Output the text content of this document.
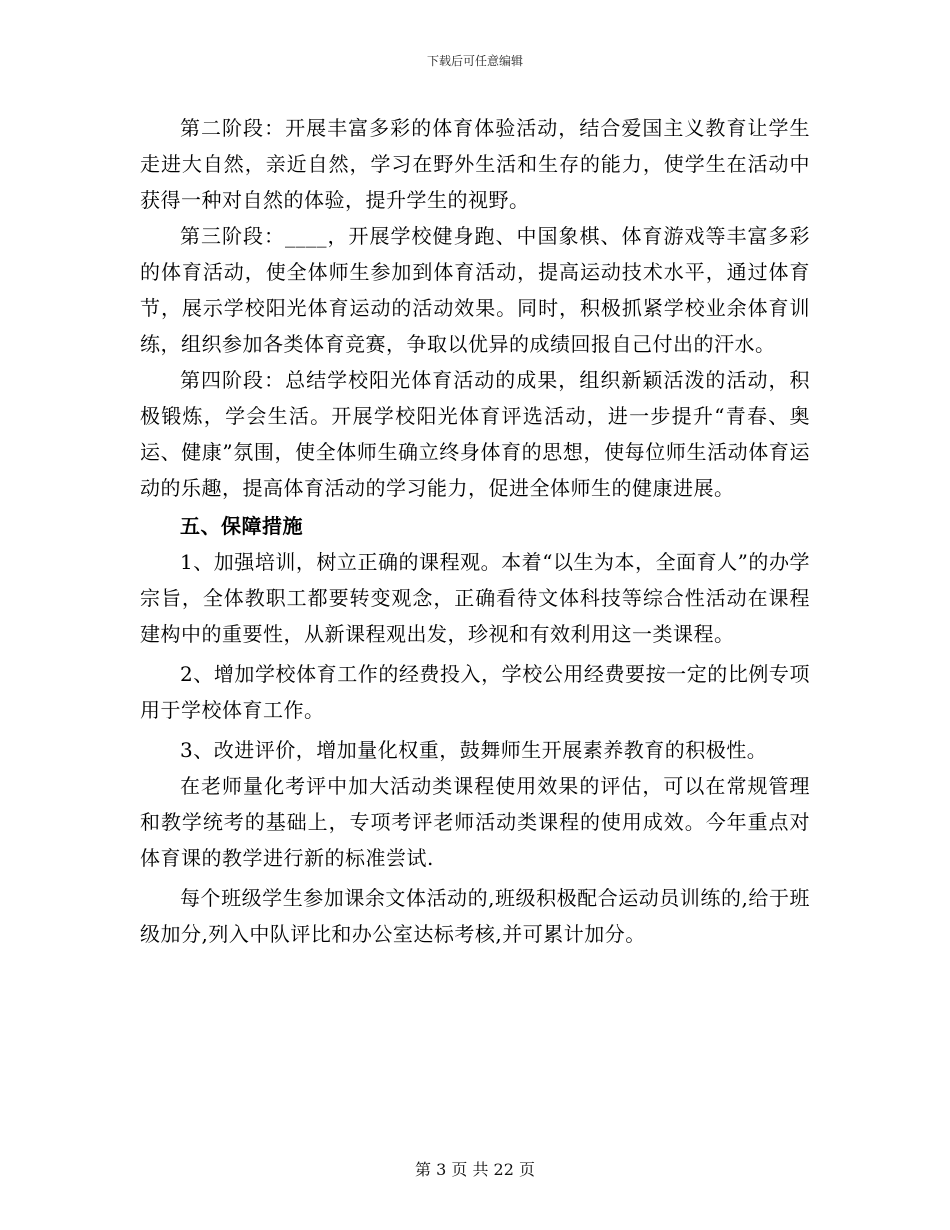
下载后可任意编辑

第二阶段：开展丰富多彩的体育体验活动，结合爱国主义教育让学生走进大自然，亲近自然，学习在野外生活和生存的能力，使学生在活动中获得一种对自然的体验，提升学生的视野。

第三阶段：____，开展学校健身跑、中国象棋、体育游戏等丰富多彩的体育活动，使全体师生参加到体育活动，提高运动技术水平，通过体育节，展示学校阳光体育运动的活动效果。同时，积极抓紧学校业余体育训练，组织参加各类体育竞赛，争取以优异的成绩回报自己付出的汗水。

第四阶段：总结学校阳光体育活动的成果，组织新颖活泼的活动，积极锻炼，学会生活。开展学校阳光体育评选活动，进一步提升“青春、奥运、健康”氛围，使全体师生确立终身体育的思想，使每位师生活动体育运动的乐趣，提高体育活动的学习能力，促进全体师生的健康进展。

五、保障措施

1、加强培训，树立正确的课程观。本着“以生为本，全面育人”的办学宗旨，全体教职工都要转变观念，正确看待文体科技等综合性活动在课程建构中的重要性，从新课程观出发，珍视和有效利用这一类课程。

2、增加学校体育工作的经费投入，学校公用经费要按一定的比例专项用于学校体育工作。

3、改进评价，增加量化权重，鼓舞师生开展素养教育的积极性。

在老师量化考评中加大活动类课程使用效果的评估，可以在常规管理和教学统考的基础上，专项考评老师活动类课程的使用成效。今年重点对体育课的教学进行新的标准尝试.

每个班级学生参加课余文体活动的,班级积极配合运动员训练的,给于班级加分,列入中队评比和办公室达标考核,并可累计加分。

第 3 页 共 22 页
